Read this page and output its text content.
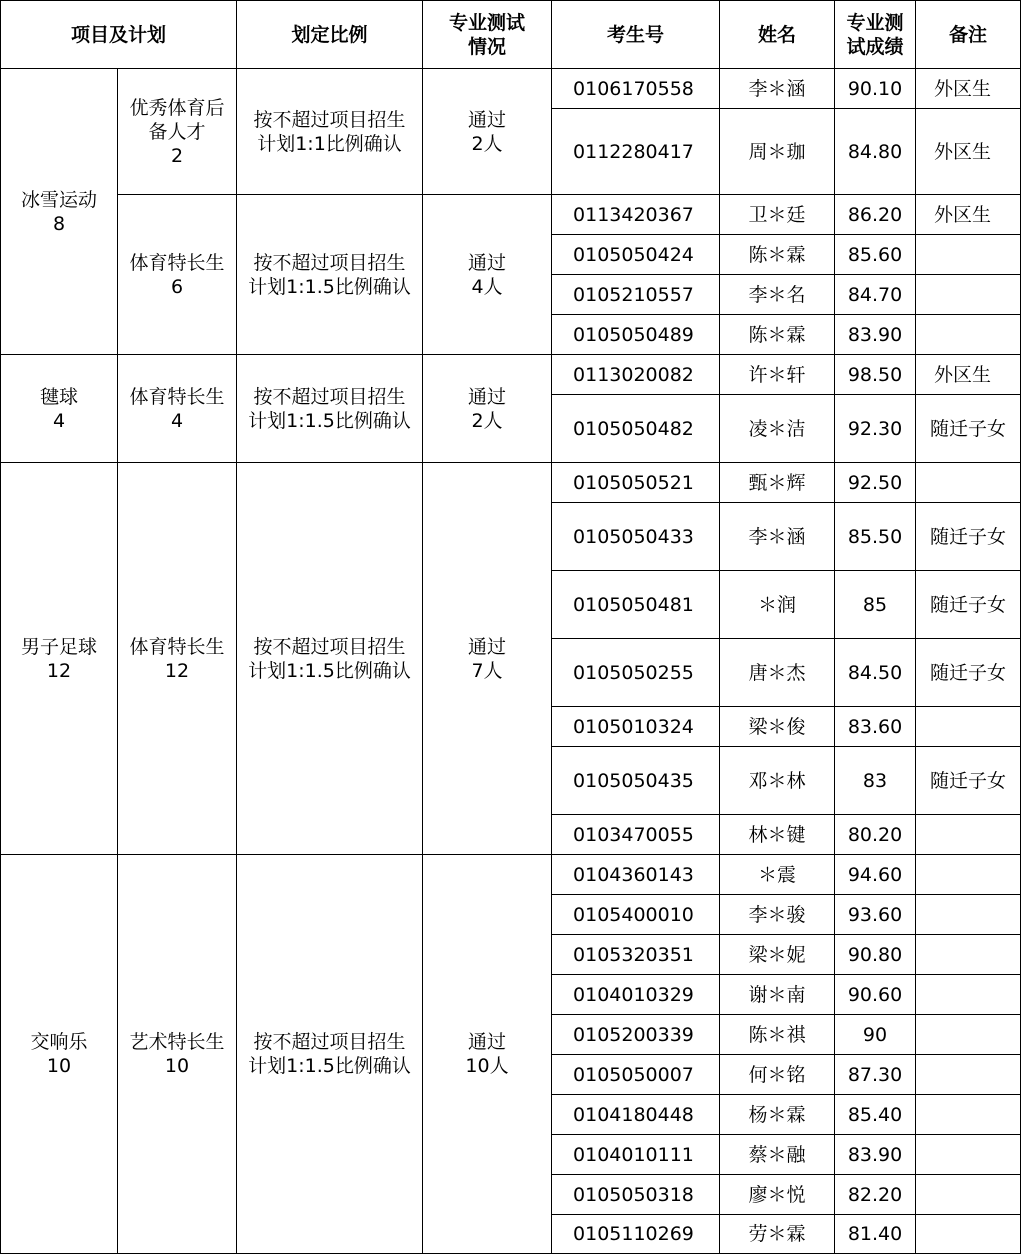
项目及计划		划定比例	专业测试
情况	考生号	姓名	专业测
试成绩	备注

冰雪运动
8	优秀体育后
备人才
2	按不超过项目招生
计划1:1比例确认	通过
2人	0106170558	李＊涵	90.10	外区生
				0112280417	周＊珈	84.80	外区生

	体育特长生
6	按不超过项目招生
计划1:1.5比例确认	通过
4人	0113420367	卫＊廷	86.20	外区生
				0105050424	陈＊霖	85.60	
				0105210557	李＊名	84.70	
				0105050489	陈＊霖	83.90	

毽球
4	体育特长生
4	按不超过项目招生
计划1:1.5比例确认	通过
2人	0113020082	许＊轩	98.50	外区生
				0105050482	凌＊洁	92.30	随迁子女

男子足球
12	体育特长生
12	按不超过项目招生
计划1:1.5比例确认	通过
7人	0105050521	甄＊辉	92.50	
				0105050433	李＊涵	85.50	随迁子女
				0105050481	＊润	85	随迁子女
				0105050255	唐＊杰	84.50	随迁子女
				0105010324	梁＊俊	83.60	
				0105050435	邓＊林	83	随迁子女
				0103470055	林＊键	80.20	

交响乐
10	艺术特长生
10	按不超过项目招生
计划1:1.5比例确认	通过
10人	0104360143	＊震	94.60	
				0105400010	李＊骏	93.60	
				0105320351	梁＊妮	90.80	
				0104010329	谢＊南	90.60	
				0105200339	陈＊祺	90	
				0105050007	何＊铭	87.30	
				0104180448	杨＊霖	85.40	
				0104010111	蔡＊融	83.90	
				0105050318	廖＊悦	82.20	
				0105110269	劳＊霖	81.40	
